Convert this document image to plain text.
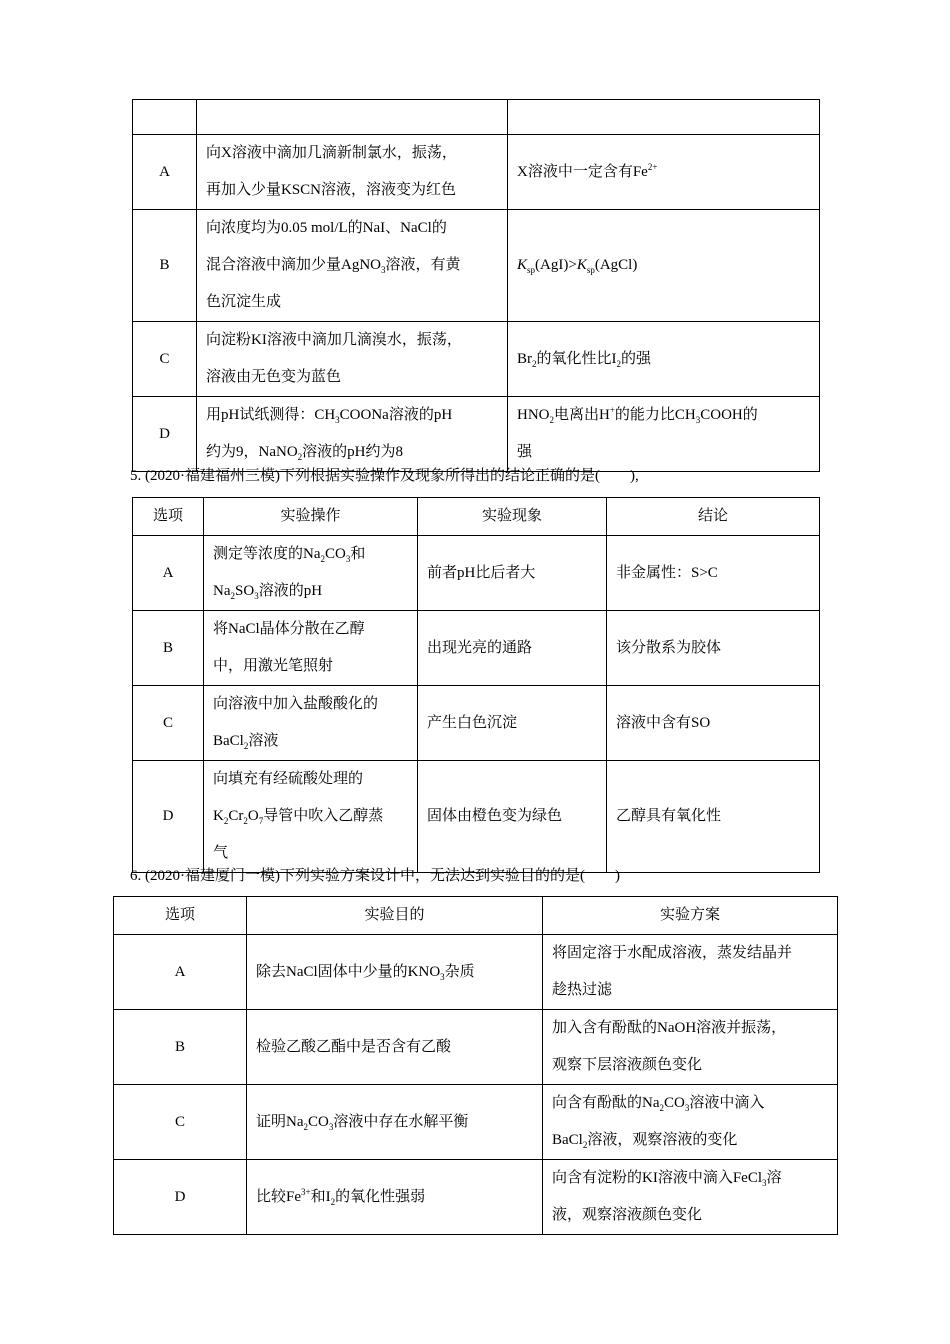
A	向X溶液中滴加几滴新制氯水，振荡，
再加入少量KSCN溶液，溶液变为红色	X溶液中一定含有$Fe^{2+}$
B	向浓度均为0.05 mol/L的NaI、NaCl的
混合溶液中滴加少量AgNO$_3$溶液，有黄
色沉淀生成	$K_{sp}(AgI)>K_{sp}(AgCl)$
C	向淀粉KI溶液中滴加几滴溴水，振荡，
溶液由无色变为蓝色	$Br_2$的氧化性比$I_2$的强
D	用pH试纸测得：$CH_3COONa$溶液的pH
约为9，NaNO$_2$溶液的pH约为8	$HNO_2$电离出H+的能力比$CH_3COOH$的
强
5. (2020·福建福州三模)下列根据实验操作及现象所得出的结论正确的是(　　),
选项	实验操作	实验现象	结论
A	测定等浓度的$Na_2CO_3$和
$Na_2SO_3$溶液的pH	前者pH比后者大	非金属性：S>C
B	将NaCl晶体分散在乙醇
中，用激光笔照射	出现光亮的通路	该分散系为胶体
C	向溶液中加入盐酸酸化的
BaCl$_2$溶液	产生白色沉淀	溶液中含有SO
D	向填充有经硫酸处理的
$K_2Cr_2O_7$导管中吹入乙醇蒸
气	固体由橙色变为绿色	乙醇具有氧化性
6. (2020·福建厦门一模)下列实验方案设计中，无法达到实验目的的是(　　)
选项	实验目的	实验方案
A	除去NaCl固体中少量的$KNO_3$杂质	将固定溶于水配成溶液，蒸发结晶并
趁热过滤
B	检验乙酸乙酯中是否含有乙酸	加入含有酚酞的NaOH溶液并振荡，
观察下层溶液颜色变化
C	证明$Na_2CO_3$溶液中存在水解平衡	向含有酚酞的$Na_2CO_3$溶液中滴入
BaCl$_2$溶液，观察溶液的变化
D	比较$Fe^{3+}$和$I_2$的氧化性强弱	向含有淀粉的KI溶液中滴入FeCl$_3$溶
液，观察溶液颜色变化
